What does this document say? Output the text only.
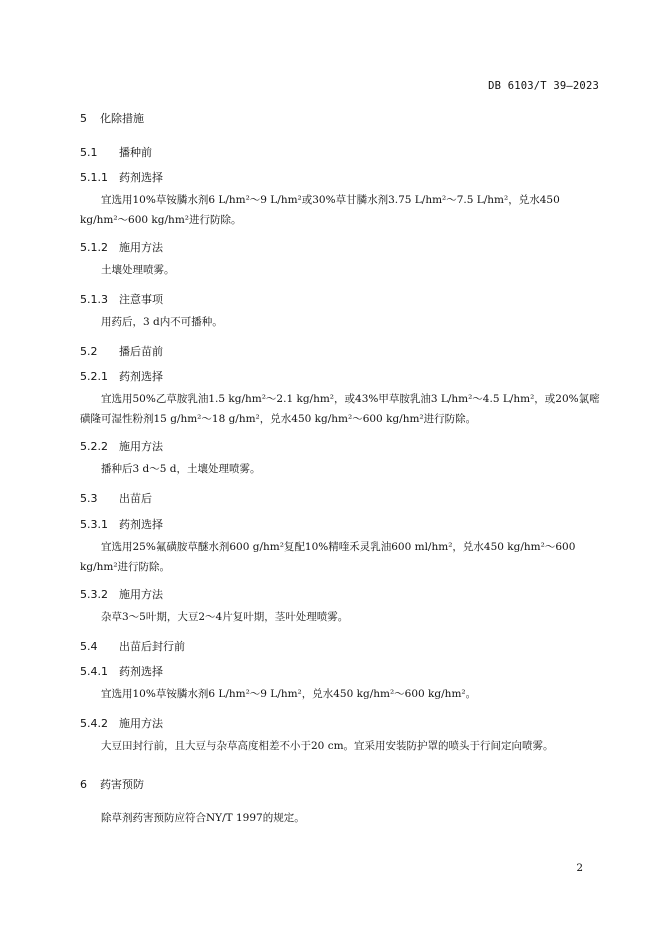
DB 6103/T 39—2023
5 化除措施
5.1 播种前
5.1.1 药剂选择
宜选用10%草铵膦水剂6 L/hm²～9 L/hm²或30%草甘膦水剂3.75 L/hm²～7.5 L/hm²，兑水450 kg/hm²～600 kg/hm²进行防除。
5.1.2 施用方法
土壤处理喷雾。
5.1.3 注意事项
用药后，3 d内不可播种。
5.2 播后苗前
5.2.1 药剂选择
宜选用50%乙草胺乳油1.5 kg/hm²～2.1 kg/hm²，或43%甲草胺乳油3 L/hm²～4.5 L/hm²，或20%氯嘧磺隆可湿性粉剂15 g/hm²～18 g/hm²，兑水450 kg/hm²～600 kg/hm²进行防除。
5.2.2 施用方法
播种后3 d～5 d，土壤处理喷雾。
5.3 出苗后
5.3.1 药剂选择
宜选用25%氟磺胺草醚水剂600 g/hm²复配10%精喹禾灵乳油600 ml/hm²，兑水450 kg/hm²～600 kg/hm²进行防除。
5.3.2 施用方法
杂草3～5叶期，大豆2～4片复叶期，茎叶处理喷雾。
5.4 出苗后封行前
5.4.1 药剂选择
宜选用10%草铵膦水剂6 L/hm²～9 L/hm²，兑水450 kg/hm²～600 kg/hm²。
5.4.2 施用方法
大豆田封行前，且大豆与杂草高度相差不小于20 cm。宜采用安装防护罩的喷头于行间定向喷雾。
6 药害预防
除草剂药害预防应符合NY/T 1997的规定。
2
